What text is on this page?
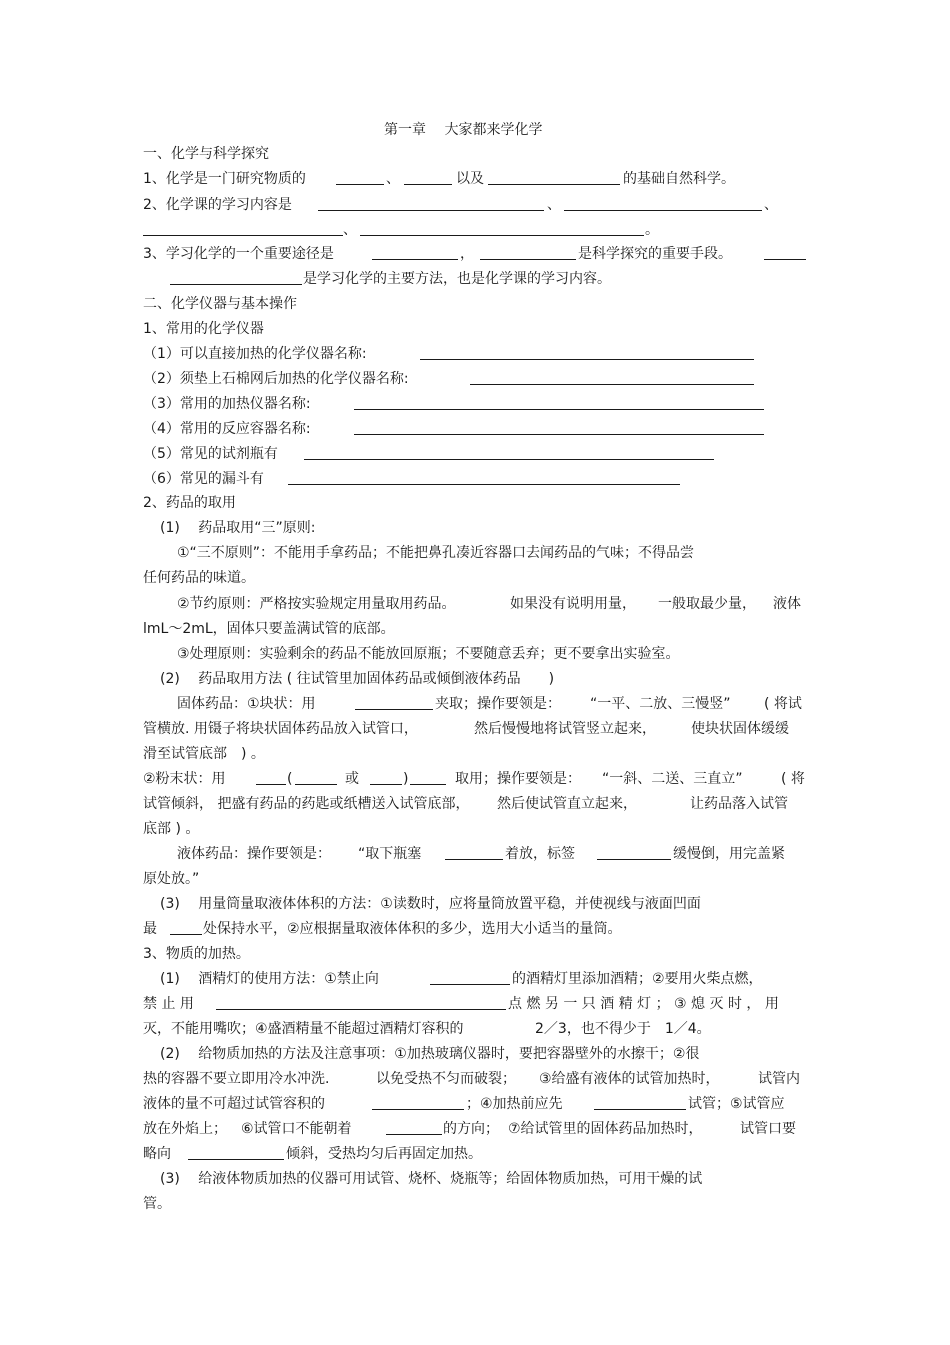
第一章　 大家都来学化学
一、化学与科学探究
1、化学是一门研究物质的	、	以及	的基础自然科学。
2、化学课的学习内容是	、	、
、	。
3、学习化学的一个重要途径是	，	是科学探究的重要手段。
是学习化学的主要方法，也是化学课的学习内容。
二、化学仪器与基本操作
1、常用的化学仪器
（1）可以直接加热的化学仪器名称:
（2）须垫上石棉网后加热的化学仪器名称:
（3）常用的加热仪器名称:
（4）常用的反应容器名称:
（5）常见的试剂瓶有
（6）常见的漏斗有
2、药品的取用
(1)　 药品取用“三”原则:
①“三不原则”：不能用手拿药品；不能把鼻孔凑近容器口去闻药品的气味；不得品尝
任何药品的味道。
②节约原则：严格按实验规定用量取用药品。	如果没有说明用量， 一般取最少量， 液体
lmL～2mL，固体只要盖满试管的底部。
③处理原则：实验剩余的药品不能放回原瓶；不要随意丢弃；更不要拿出实验室。
(2)　 药品取用方法 ( 往试管里加固体药品或倾倒液体药品　　)
固体药品：①块状：用	夹取；操作要领是： “一平、二放、三慢竖” ( 将试
管横放. 用镊子将块状固体药品放入试管口，	然后慢慢地将试管竖立起来，	使块状固体缓缓
滑至试管底部　) 。
②粉末状：用	(	或	)	取用；操作要领是： “一斜、二送、三直立”	( 将
试管倾斜， 把盛有药品的药匙或纸槽送入试管底部， 然后使试管直立起来，	让药品落入试管
底部 ) 。
液体药品：操作要领是： “取下瓶塞	着放，标签	缓慢倒，用完盖紧
原处放。”
(3)　 用量筒量取液体体积的方法：①读数时，应将量筒放置平稳，并使视线与液面凹面
最	处保持水平，②应根据量取液体体积的多少，选用大小适当的量筒。
3、物质的加热。
(1)　 酒精灯的使用方法：①禁止向	的酒精灯里添加酒精；②要用火柴点燃，
禁 止 用	点 燃 另 一 只 酒 精 灯 ； ③ 熄 灭 时 ， 用
灭，不能用嘴吹；④盛酒精量不能超过酒精灯容积的	2／3，也不得少于　1／4。
(2)　 给物质加热的方法及注意事项：①加热玻璃仪器时，要把容器壁外的水擦干；②很
热的容器不要立即用冷水冲洗.	以免受热不匀而破裂； ③给盛有液体的试管加热时，	试管内
液体的量不可超过试管容积的	；④加热前应先	试管；⑤试管应
放在外焰上； ⑥试管口不能朝着	的方向； ⑦给试管里的固体药品加热时，	试管口要
略向	倾斜，受热均匀后再固定加热。
(3)　 给液体物质加热的仪器可用试管、烧杯、烧瓶等；给固体物质加热，可用干燥的试
管。
